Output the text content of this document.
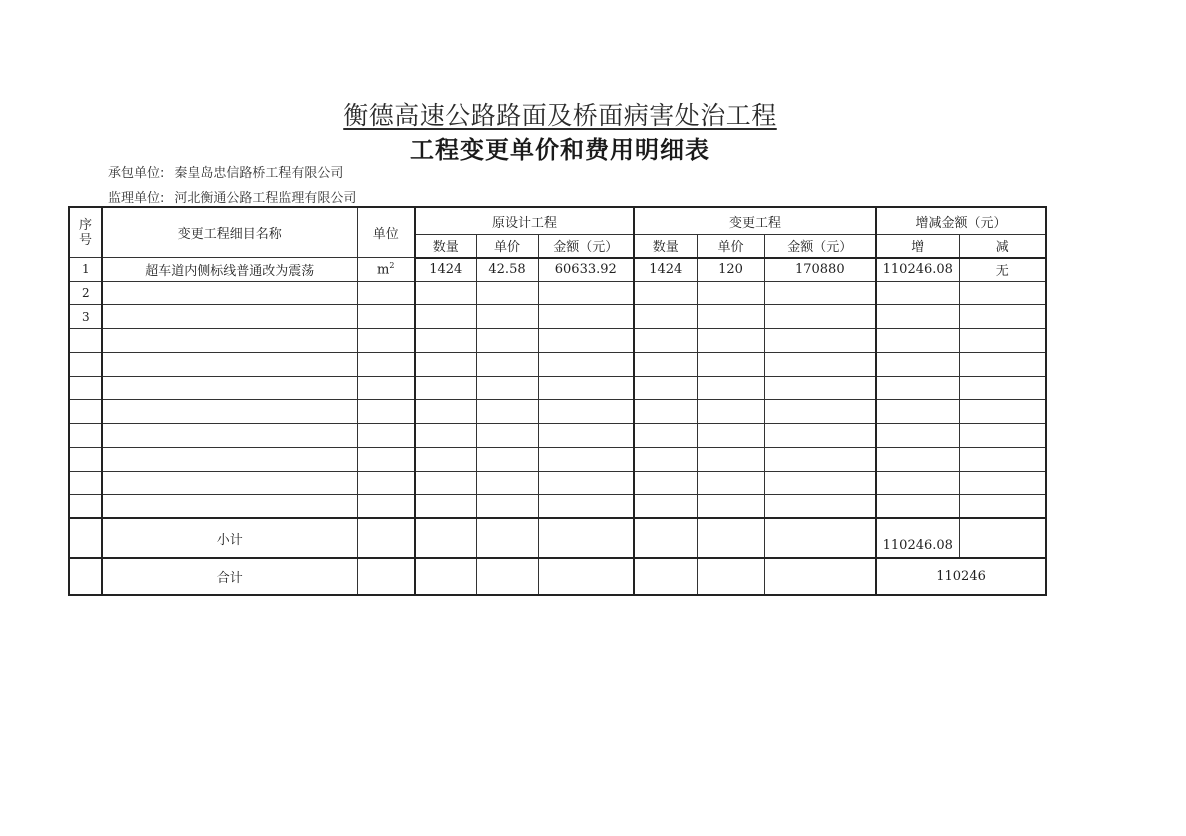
衡德高速公路路面及桥面病害处治工程
工程变更单价和费用明细表
承包单位: 秦皇岛忠信路桥工程有限公司
监理单位: 河北衡通公路工程监理有限公司
序号	变更工程细目名称	单位	原设计工程			变更工程			增减金额（元）	
			数量	单价	金额（元）	数量	单价	金额（元）	增	减
1	超车道内侧标线普通改为震荡	$m^2$	1424	42.58	60633.92	1424	120	170880	110246.08	无
2										
3										

	小计								110246.08	
	合计								110246	
